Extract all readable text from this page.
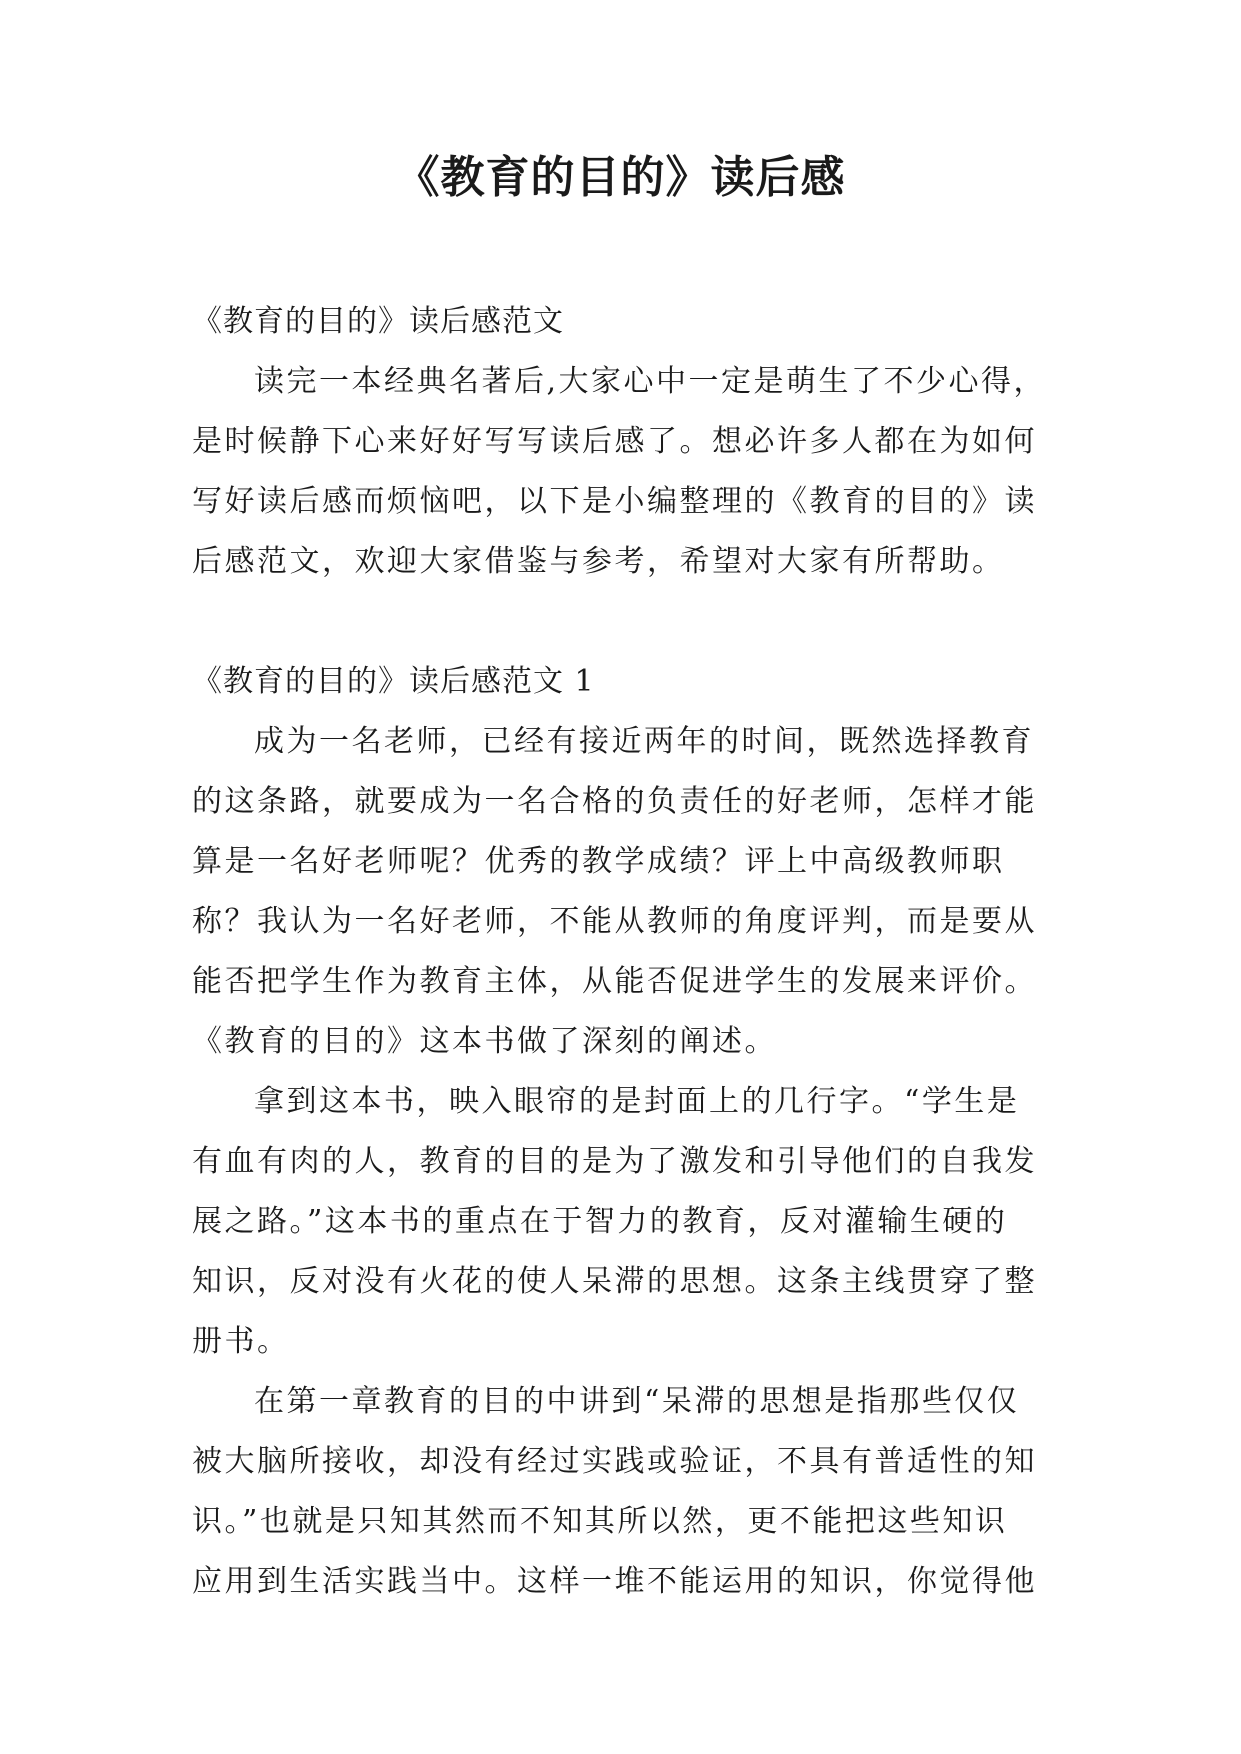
《教育的目的》读后感
《教育的目的》读后感范文
读完一本经典名著后,大家心中一定是萌生了不少心得，
是时候静下心来好好写写读后感了。想必许多人都在为如何
写好读后感而烦恼吧，以下是小编整理的《教育的目的》读
后感范文，欢迎大家借鉴与参考，希望对大家有所帮助。
《教育的目的》读后感范文 1
成为一名老师，已经有接近两年的时间，既然选择教育
的这条路，就要成为一名合格的负责任的好老师，怎样才能
算是一名好老师呢？优秀的教学成绩？评上中高级教师职
称？我认为一名好老师，不能从教师的角度评判，而是要从
能否把学生作为教育主体，从能否促进学生的发展来评价。
《教育的目的》这本书做了深刻的阐述。
拿到这本书，映入眼帘的是封面上的几行字。“学生是
有血有肉的人，教育的目的是为了激发和引导他们的自我发
展之路。”这本书的重点在于智力的教育，反对灌输生硬的
知识，反对没有火花的使人呆滞的思想。这条主线贯穿了整
册书。
在第一章教育的目的中讲到“呆滞的思想是指那些仅仅
被大脑所接收，却没有经过实践或验证，不具有普适性的知
识。”也就是只知其然而不知其所以然，更不能把这些知识
应用到生活实践当中。这样一堆不能运用的知识，你觉得他
